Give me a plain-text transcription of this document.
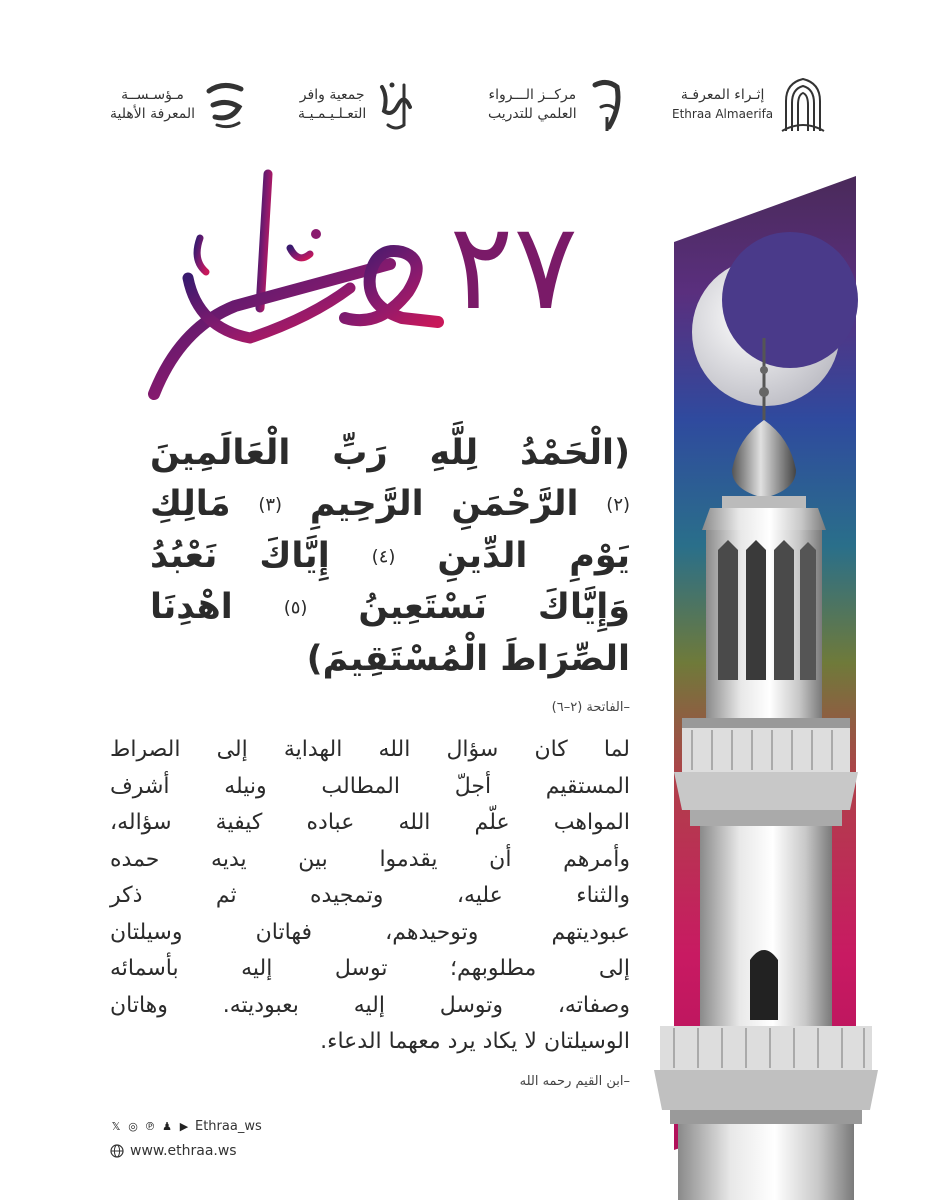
إثـراء المعرفـة
Ethraa Almaerifa
مركــز الـــرواء
العلمي للتدريب
جمعية وافر
التعـلـيـمـيـة
مـؤسـســة
المعرفة الأهلية
٢٧
رمضان
(الْحَمْدُ لِلَّهِ رَبِّ الْعَالَمِينَ
(٢) الرَّحْمَنِ الرَّحِيمِ (٣) مَالِكِ
يَوْمِ الدِّينِ (٤) إِيَّاكَ نَعْبُدُ
وَإِيَّاكَ نَسْتَعِينُ (٥) اهْدِنَا
الصِّرَاطَ الْمُسْتَقِيمَ)
–الفاتحة (٢–٦)
لما كان سؤال الله الهداية إلى الصراط
المستقيم أجلّ المطالب ونيله أشرف
المواهب علّم الله عباده كيفية سؤاله،
وأمرهم أن يقدموا بين يديه حمده
والثناء عليه، وتمجيده ثم ذكر
عبوديتهم وتوحيدهم، فهاتان وسيلتان
إلى مطلوبهم؛ توسل إليه بأسمائه
وصفاته، وتوسل إليه بعبوديته. وهاتان
الوسيلتان لا يكاد يرد معهما الدعاء.
–ابن القيم رحمه الله
𝕏 ◎ ℗ ♟ ▶ Ethraa_ws
www.ethraa.ws
